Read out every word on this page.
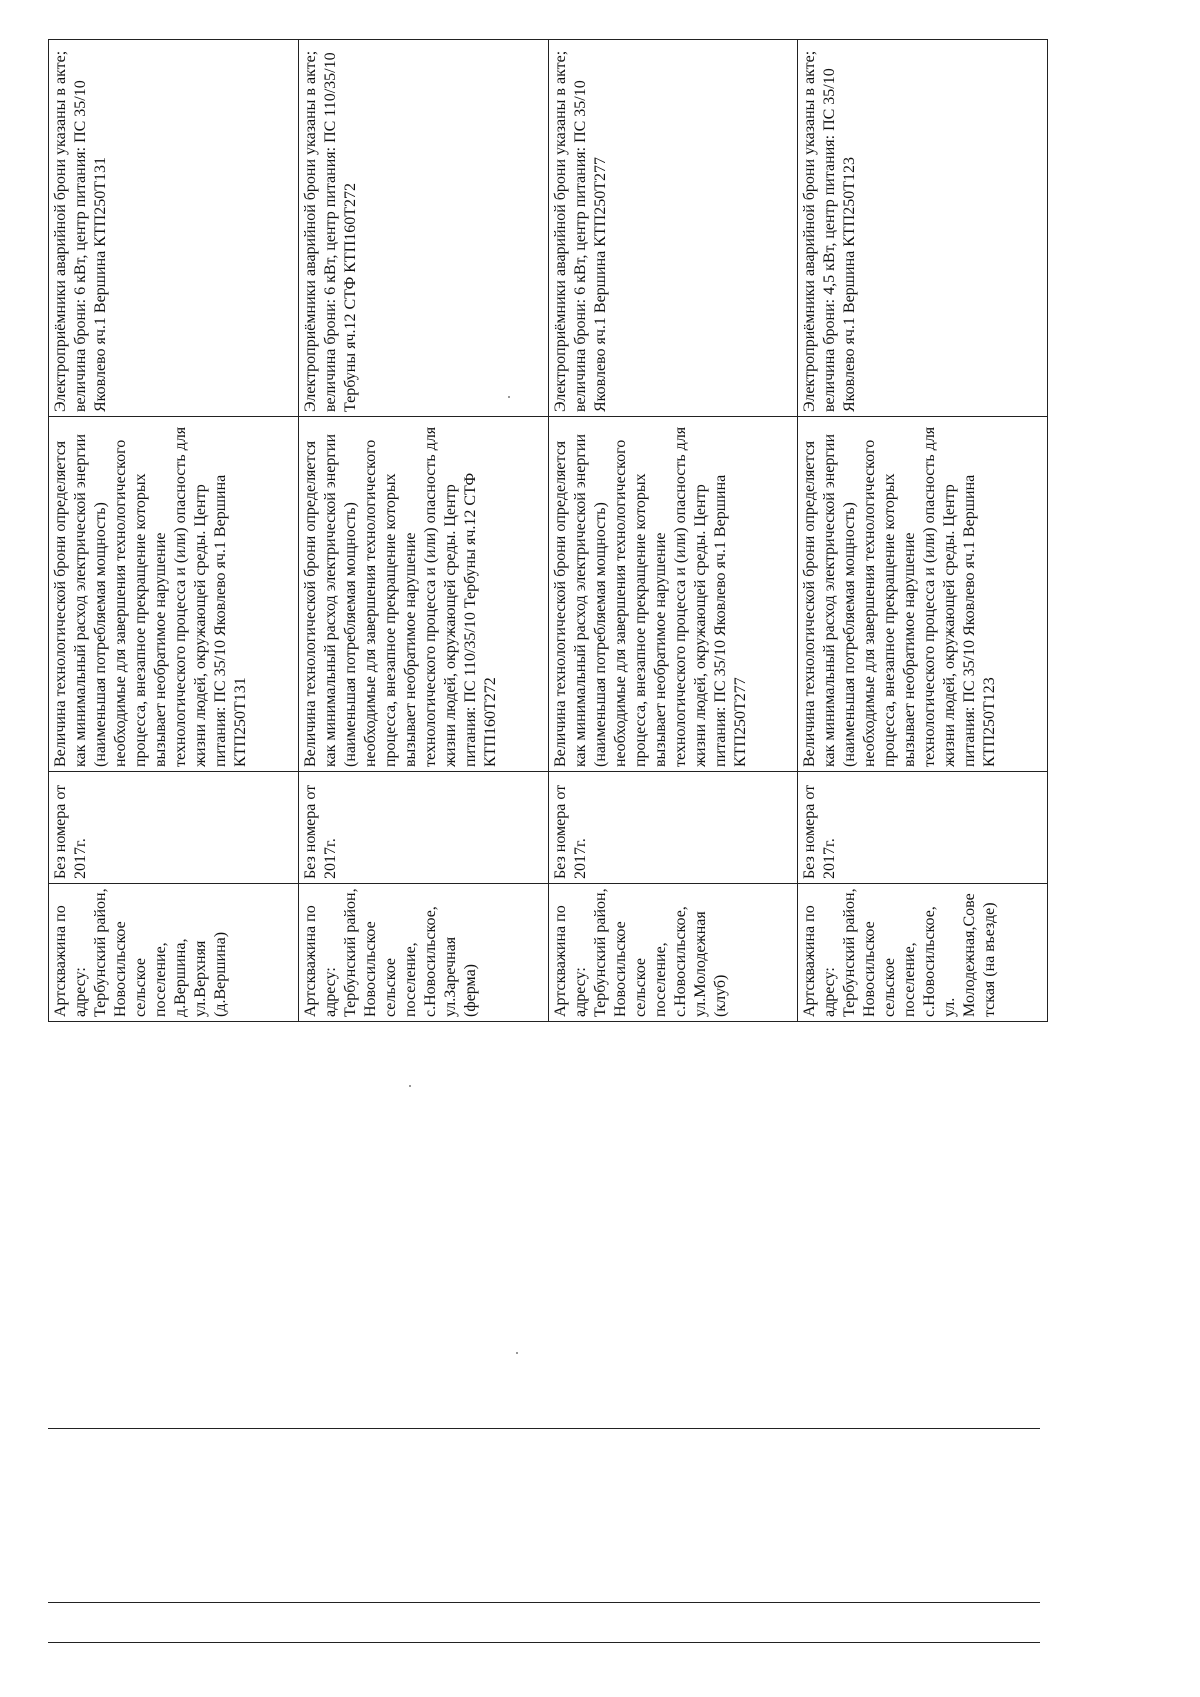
Артскважина по адресу: Тербунский район, Новосильское сельское поселение, д.Вершина, ул.Верхняя (д.Вершина)	Без номера от 2017г.	Величина технологической брони определяется как минимальный расход электрической энергии (наименьшая потребляемая мощность) необходимые для завершения технологического процесса, внезапное прекращение которых вызывает необратимое нарушение технологического процесса и (или) опасность для жизни людей, окружающей среды. Центр питания: ПС 35/10 Яковлево яч.1 Вершина КТП250Т131	Электроприёмники аварийной брони указаны в акте; величина брони: 6 кВт, центр питания: ПС 35/10 Яковлево яч.1 Вершина КТП250Т131
Артскважина по адресу: Тербунский район, Новосильское сельское поселение, с.Новосильское, ул.Заречная (ферма)	Без номера от 2017г.	Величина технологической брони определяется как минимальный расход электрической энергии (наименьшая потребляемая мощность) необходимые для завершения технологического процесса, внезапное прекращение которых вызывает необратимое нарушение технологического процесса и (или) опасность для жизни людей, окружающей среды. Центр питания: ПС 110/35/10 Тербуны яч.12 СТФ КТП160Т272	Электроприёмники аварийной брони указаны в акте; величина брони: 6 кВт, центр питания: ПС 110/35/10 Тербуны яч.12 СТФ КТП160Т272
Артскважина по адресу: Тербунский район, Новосильское сельское поселение, с.Новосильское, ул.Молодежная (клуб)	Без номера от 2017г.	Величина технологической брони определяется как минимальный расход электрической энергии (наименьшая потребляемая мощность) необходимые для завершения технологического процесса, внезапное прекращение которых вызывает необратимое нарушение технологического процесса и (или) опасность для жизни людей, окружающей среды. Центр питания: ПС 35/10 Яковлево яч.1 Вершина КТП250Т277	Электроприёмники аварийной брони указаны в акте; величина брони: 6 кВт, центр питания: ПС 35/10 Яковлево яч.1 Вершина КТП250Т277
Артскважина по адресу: Тербунский район, Новосильское сельское поселение, с.Новосильское, ул. Молодежная,Советская (на въезде)	Без номера от 2017г.	Величина технологической брони определяется как минимальный расход электрической энергии (наименьшая потребляемая мощность) необходимые для завершения технологического процесса, внезапное прекращение которых вызывает необратимое нарушение технологического процесса и (или) опасность для жизни людей, окружающей среды. Центр питания: ПС 35/10 Яковлево яч.1 Вершина КТП250Т123	Электроприёмники аварийной брони указаны в акте; величина брони: 4,5 кВт, центр питания: ПС 35/10 Яковлево яч.1 Вершина КТП250Т123
